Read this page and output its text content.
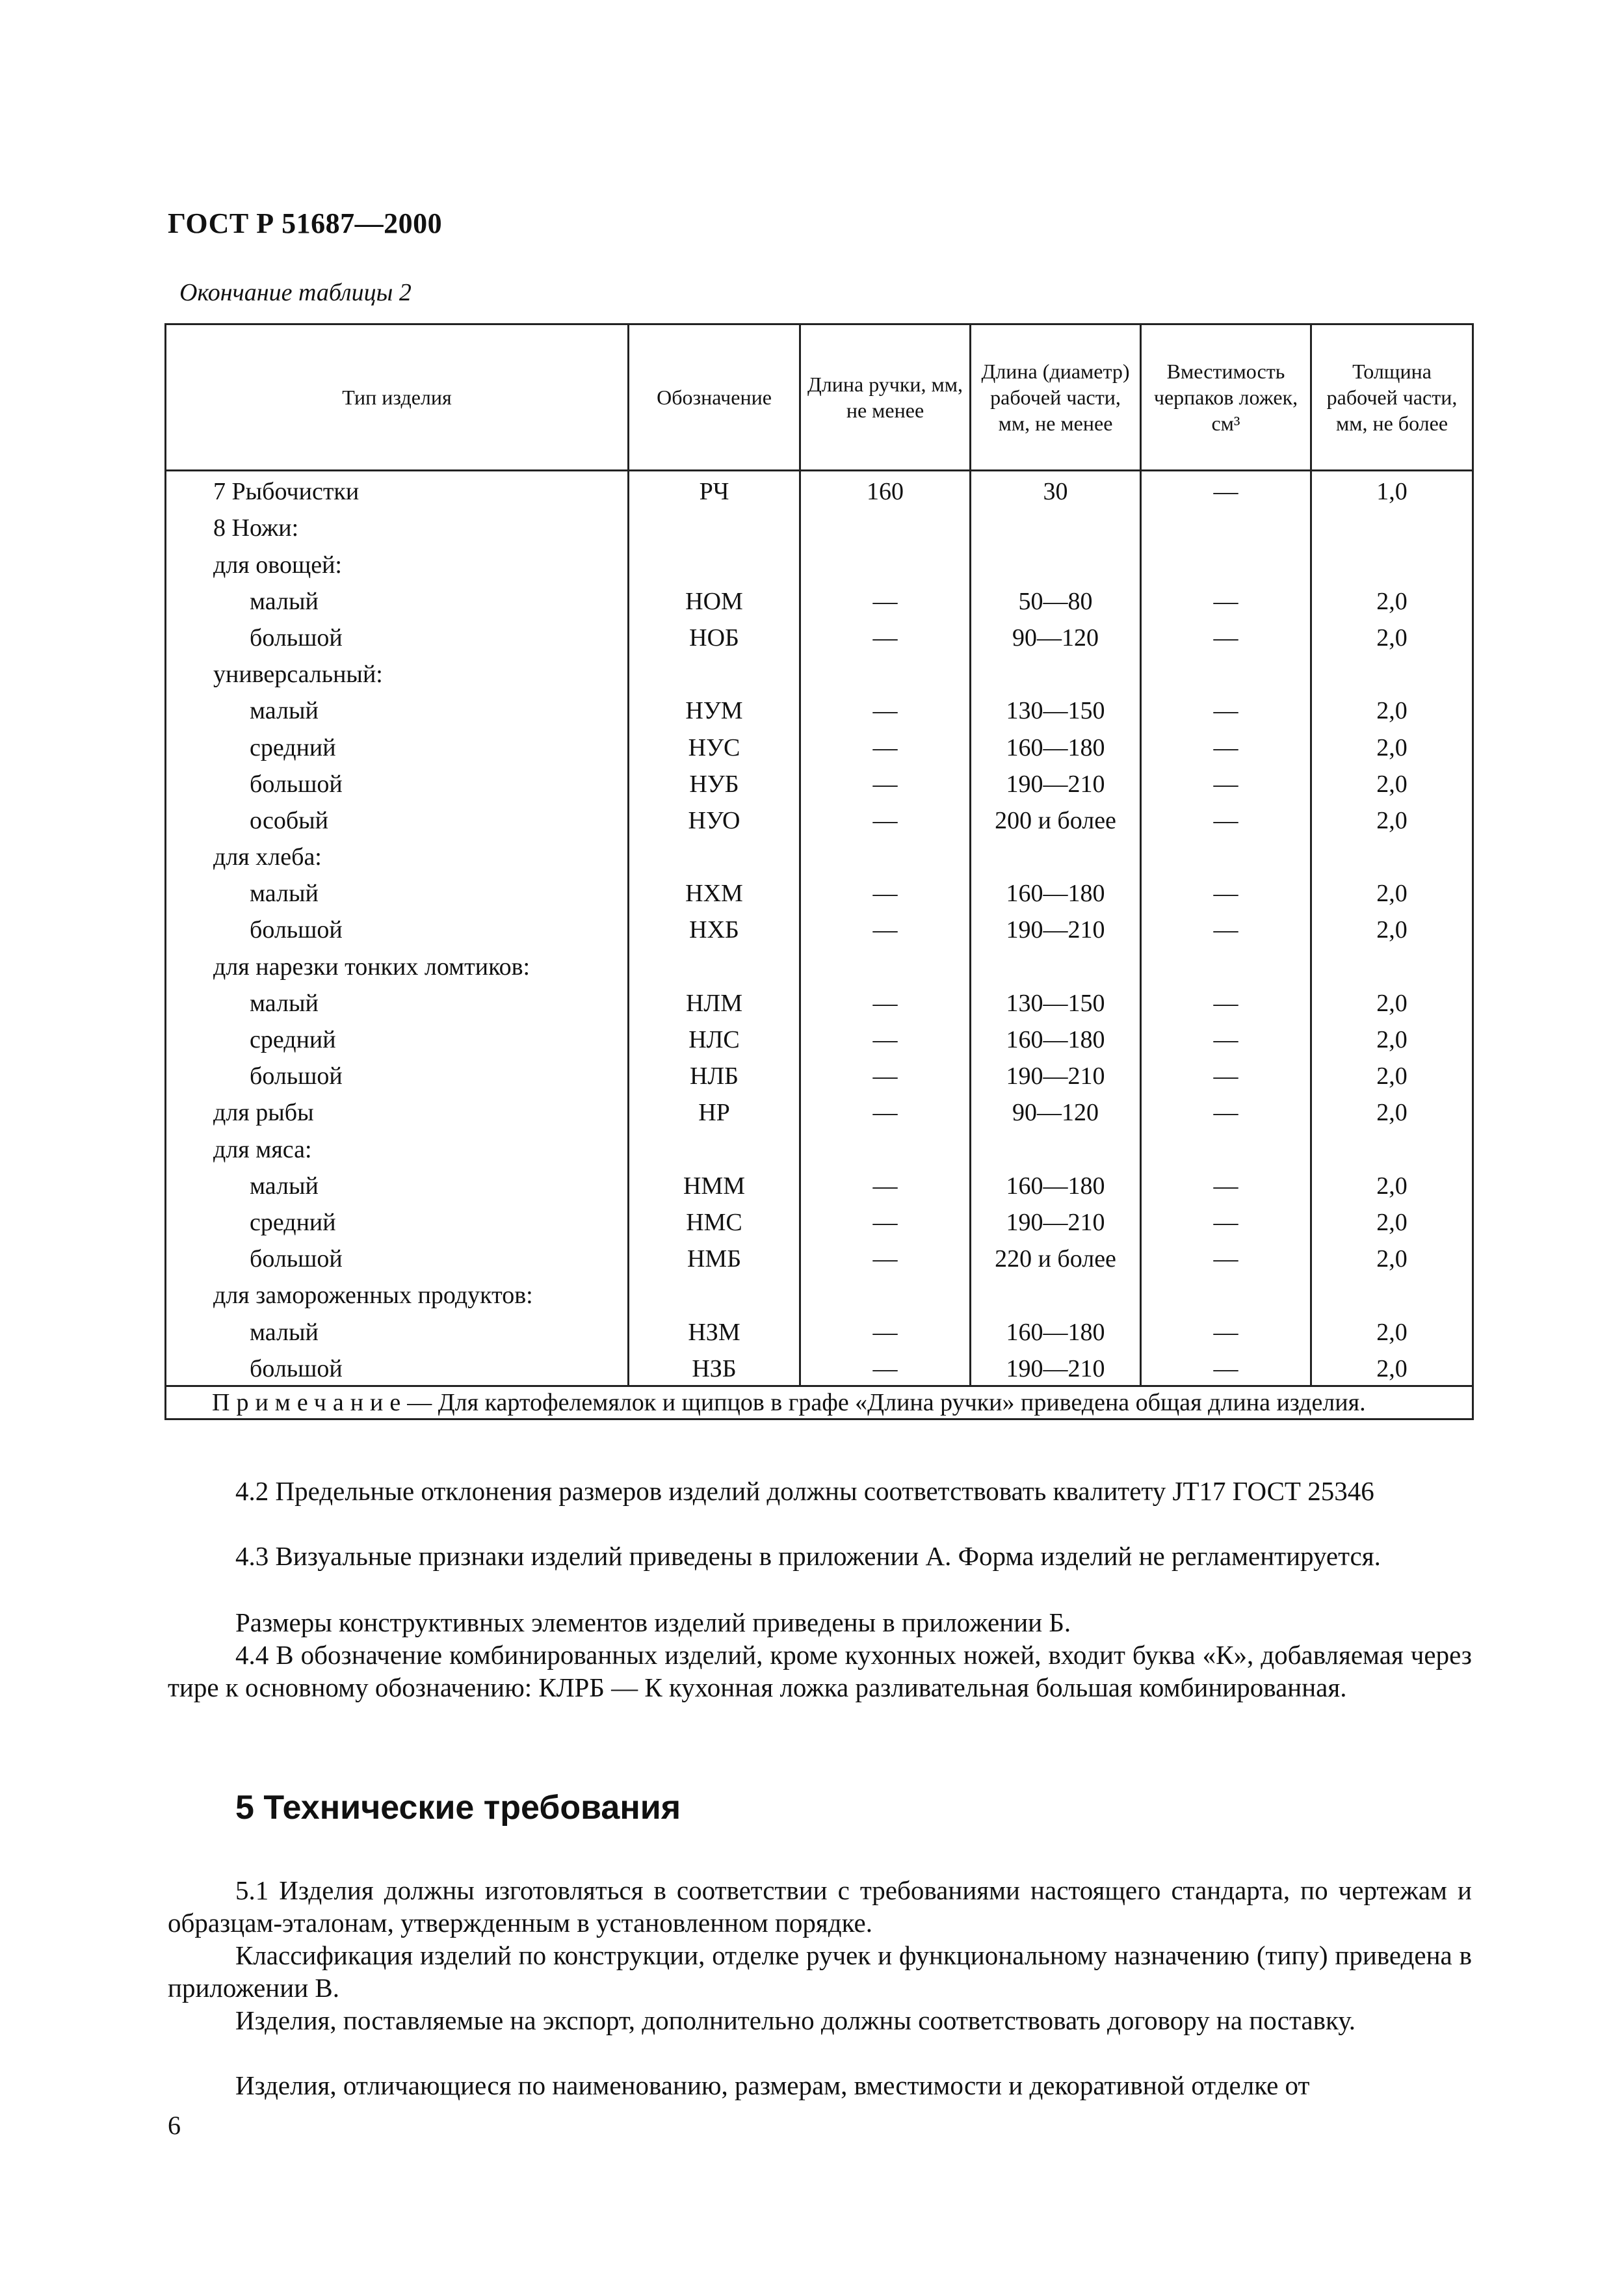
ГОСТ Р 51687—2000
Окончание таблицы 2
Тип изделия	Обозначение	Длина ручки, мм, не менее	Длина (диаметр) рабочей части, мм, не менее	Вместимость черпаков ложек, см³	Толщина рабочей части, мм, не более
7 Рыбочистки	РЧ	160	30	—	1,0
8 Ножи:					
для овощей:					
малый	НОМ	—	50—80	—	2,0
большой	НОБ	—	90—120	—	2,0
универсальный:					
малый	НУМ	—	130—150	—	2,0
средний	НУС	—	160—180	—	2,0
большой	НУБ	—	190—210	—	2,0
особый	НУО	—	200 и более	—	2,0
для хлеба:					
малый	НХМ	—	160—180	—	2,0
большой	НХБ	—	190—210	—	2,0
для нарезки тонких ломтиков:					
малый	НЛМ	—	130—150	—	2,0
средний	НЛС	—	160—180	—	2,0
большой	НЛБ	—	190—210	—	2,0
для рыбы	НР	—	90—120	—	2,0
для мяса:					
малый	НММ	—	160—180	—	2,0
средний	НМС	—	190—210	—	2,0
большой	НМБ	—	220 и более	—	2,0
для замороженных продуктов:					
малый	НЗМ	—	160—180	—	2,0
большой	НЗБ	—	190—210	—	2,0
Примечание— Для картофелемялок и щипцов в графе «Длина ручки» приведена общая длина изделия.					

4.2 Предельные отклонения размеров изделий должны соответствовать квалитету JT17 ГОСТ 25346

4.3 Визуальные признаки изделий приведены в приложении А. Форма изделий не регламентируется.

Размеры конструктивных элементов изделий приведены в приложении Б.

4.4 В обозначение комбинированных изделий, кроме кухонных ножей, входит буква «К», добавляемая через тире к основному обозначению: КЛРБ — К кухонная ложка разливательная большая комбинированная.

5 Технические требования

5.1 Изделия должны изготовляться в соответствии с требованиями настоящего стандарта, по чертежам и образцам-эталонам, утвержденным в установленном порядке.

Классификация изделий по конструкции, отделке ручек и функциональному назначению (типу) приведена в приложении В.

Изделия, поставляемые на экспорт, дополнительно должны соответствовать договору на поставку.

Изделия, отличающиеся по наименованию, размерам, вместимости и декоративной отделке от

6
